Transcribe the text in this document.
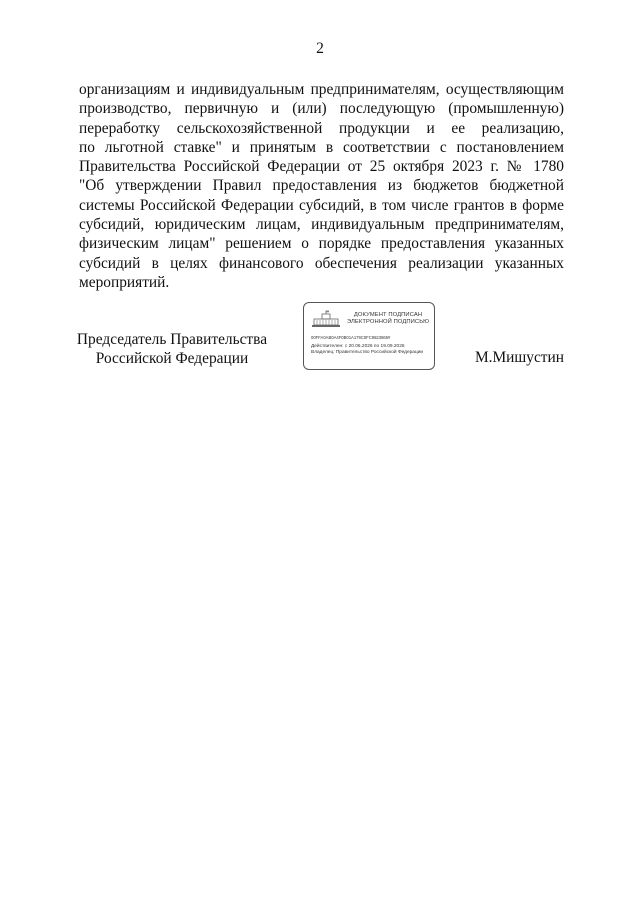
2
организациям и индивидуальным предпринимателям, осуществляющим
производство, первичную и (или) последующую (промышленную)
переработку сельскохозяйственной продукции и ее реализацию,
по льготной ставке" и принятым в соответствии с постановлением
Правительства Российской Федерации от 25 октября 2023 г. № 1780
"Об утверждении Правил предоставления из бюджетов бюджетной
системы Российской Федерации субсидий, в том числе грантов в форме
субсидий, юридическим лицам, индивидуальным предпринимателям,
физическим лицам" решением о порядке предоставления указанных
субсидий в целях финансового обеспечения реализации указанных
мероприятий.
Председатель Правительства
Российской Федерации
ДОКУМЕНТ ПОДПИСАН
ЭЛЕКТРОННОЙ ПОДПИСЬЮ
00FFA0AB0A4F0B01A179C0FC9823865#
Действителен: с 20.06.2026 по 19.09.2026
Владелец: Правительство Российской Федерации	М.Мишустин
